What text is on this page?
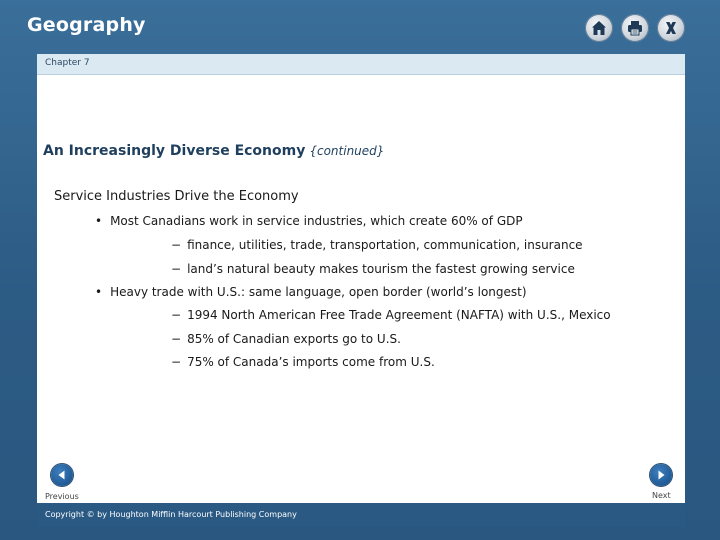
Geography
Chapter 7
An Increasingly Diverse Economy {continued}
Service Industries Drive the Economy
• Most Canadians work in service industries, which create 60% of GDP
− finance, utilities, trade, transportation, communication, insurance
− land’s natural beauty makes tourism the fastest growing service
• Heavy trade with U.S.: same language, open border (world’s longest)
− 1994 North American Free Trade Agreement (NAFTA) with U.S., Mexico
− 85% of Canadian exports go to U.S.
− 75% of Canada’s imports come from U.S.
Previous	Next
Copyright © by Houghton Mifflin Harcourt Publishing Company
